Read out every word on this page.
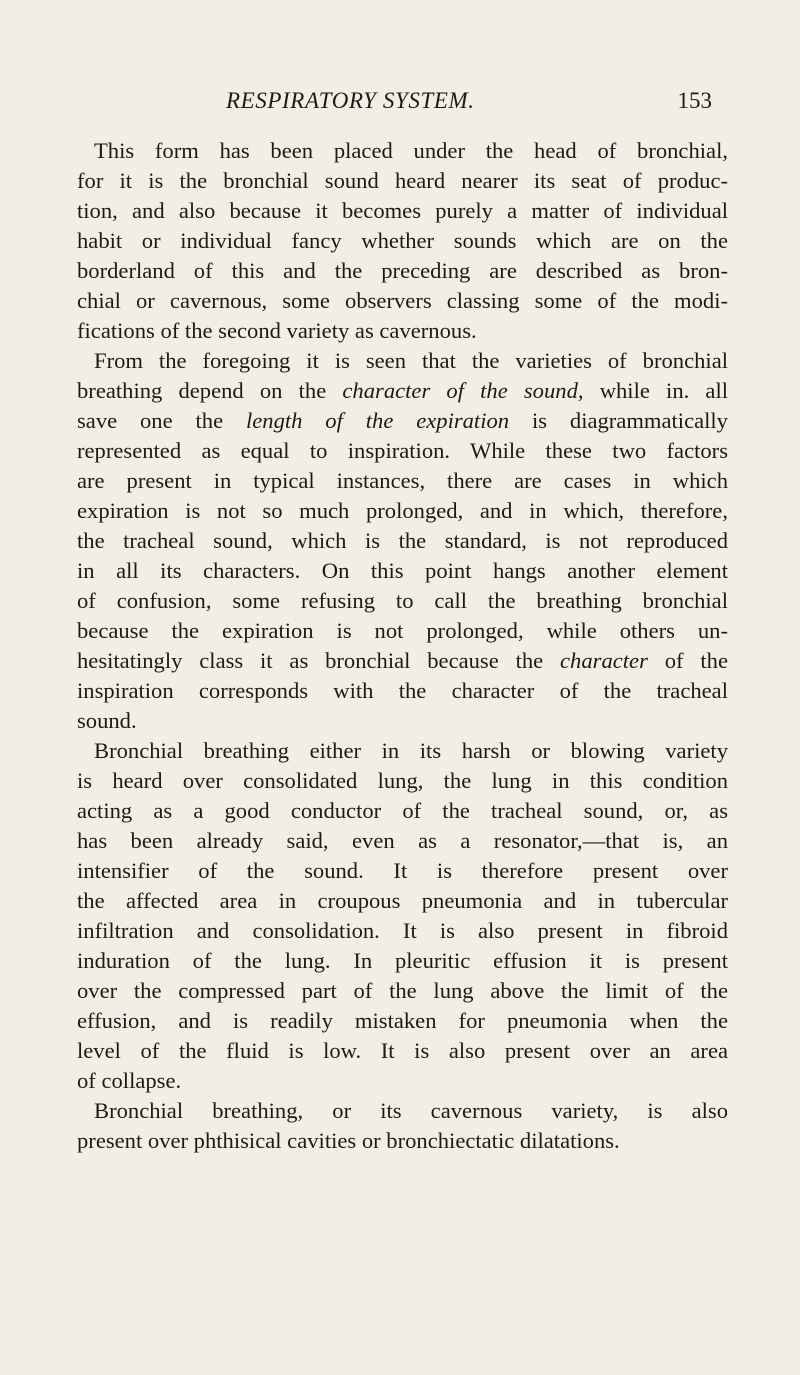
RESPIRATORY SYSTEM.	153

This form has been placed under the head of bronchial,
for it is the bronchial sound heard nearer its seat of produc-
tion, and also because it becomes purely a matter of individual
habit or individual fancy whether sounds which are on the
borderland of this and the preceding are described as bron-
chial or cavernous, some observers classing some of the modi-
fications of the second variety as cavernous.

From the foregoing it is seen that the varieties of bronchial
breathing depend on the character of the sound, while in. all
save one the length of the expiration is diagrammatically
represented as equal to inspiration. While these two factors
are present in typical instances, there are cases in which
expiration is not so much prolonged, and in which, therefore,
the tracheal sound, which is the standard, is not reproduced
in all its characters. On this point hangs another element
of confusion, some refusing to call the breathing bronchial
because the expiration is not prolonged, while others un-
hesitatingly class it as bronchial because the character of the
inspiration corresponds with the character of the tracheal
sound.

Bronchial breathing either in its harsh or blowing variety
is heard over consolidated lung, the lung in this condition
acting as a good conductor of the tracheal sound, or, as
has been already said, even as a resonator,—that is, an
intensifier of the sound. It is therefore present over
the affected area in croupous pneumonia and in tubercular
infiltration and consolidation. It is also present in fibroid
induration of the lung. In pleuritic effusion it is present
over the compressed part of the lung above the limit of the
effusion, and is readily mistaken for pneumonia when the
level of the fluid is low. It is also present over an area
of collapse.

Bronchial breathing, or its cavernous variety, is also
present over phthisical cavities or bronchiectatic dilatations.
